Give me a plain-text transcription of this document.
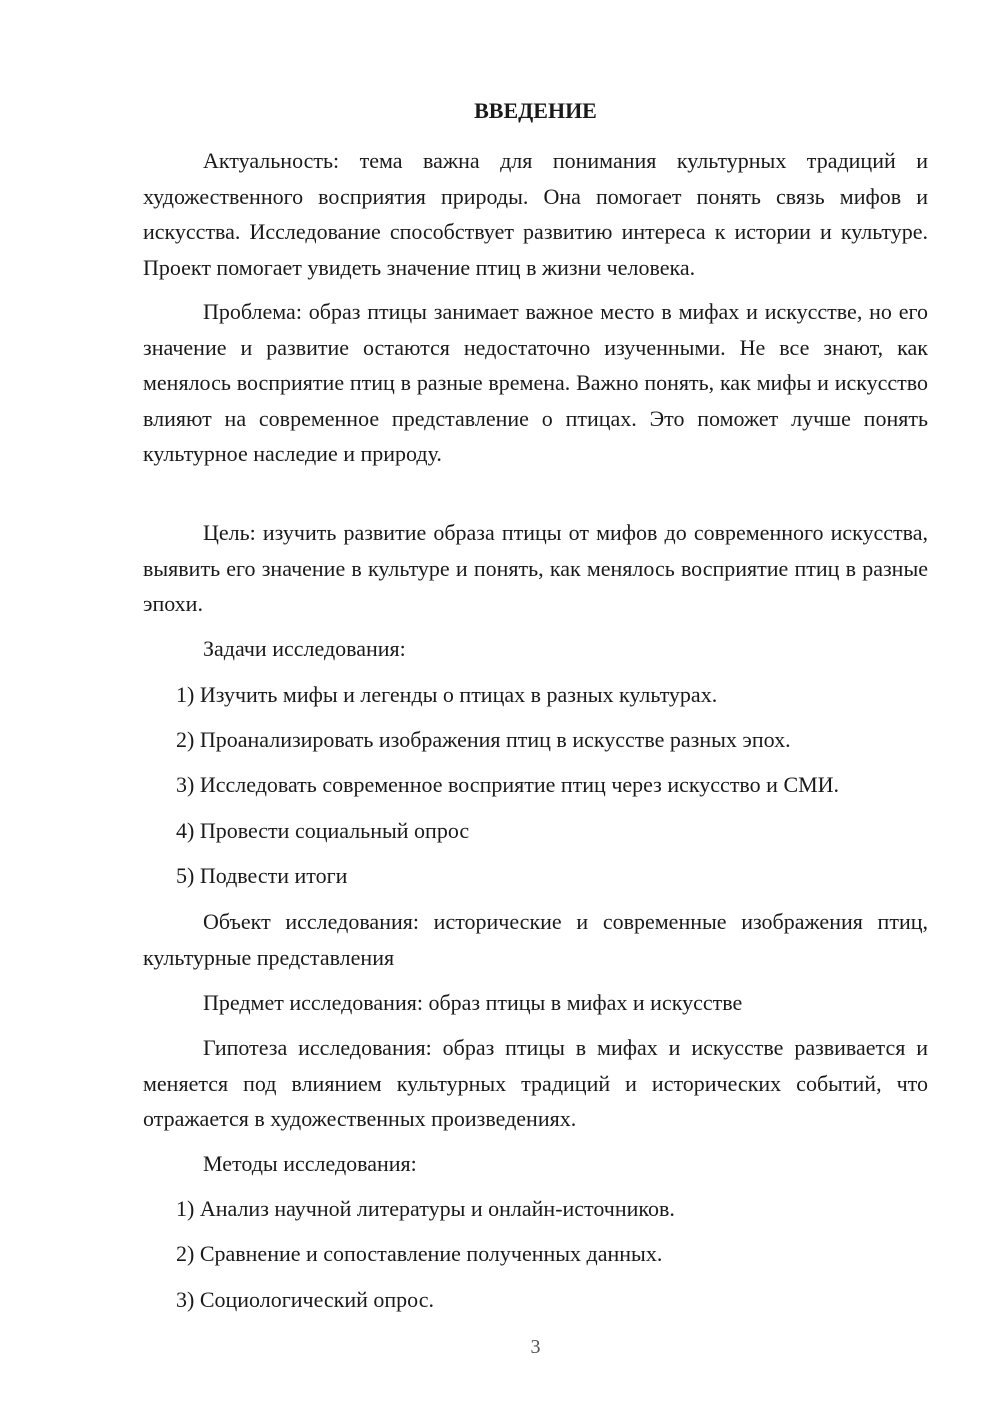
ВВЕДЕНИЕ

Актуальность: тема важна для понимания культурных традиций и художественного восприятия природы. Она помогает понять связь мифов и искусства. Исследование способствует развитию интереса к истории и культуре. Проект помогает увидеть значение птиц в жизни человека.

Проблема: образ птицы занимает важное место в мифах и искусстве, но его значение и развитие остаются недостаточно изученными. Не все знают, как менялось восприятие птиц в разные времена. Важно понять, как мифы и искусство влияют на современное представление о птицах. Это поможет лучше понять культурное наследие и природу.

Цель: изучить развитие образа птицы от мифов до современного искусства, выявить его значение в культуре и понять, как менялось восприятие птиц в разные эпохи.

Задачи исследования:

1) Изучить мифы и легенды о птицах в разных культурах.

2) Проанализировать изображения птиц в искусстве разных эпох.

3) Исследовать современное восприятие птиц через искусство и СМИ.

4) Провести социальный опрос

5) Подвести итоги

Объект исследования: исторические и современные изображения птиц, культурные представления

Предмет исследования: образ птицы в мифах и искусстве

Гипотеза исследования: образ птицы в мифах и искусстве развивается и меняется под влиянием культурных традиций и исторических событий, что отражается в художественных произведениях.

Методы исследования:

1) Анализ научной литературы и онлайн-источников.

2) Сравнение и сопоставление полученных данных.

3) Социологический опрос.

3
